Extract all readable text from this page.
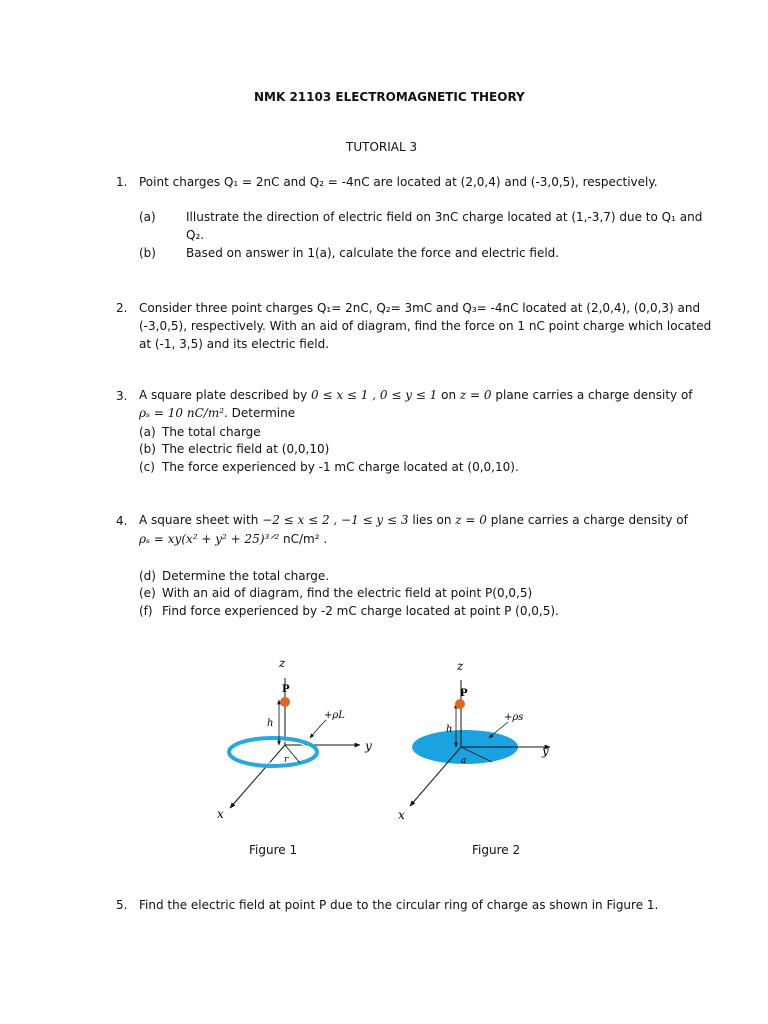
NMK 21103 ELECTROMAGNETIC THEORY
TUTORIAL 3
1. Point charges Q₁ = 2nC and Q₂ = -4nC are located at (2,0,4) and (-3,0,5), respectively.
(a)	Illustrate the direction of electric field on 3nC charge located at (1,-3,7) due to Q₁ and
Q₂.
(b)	Based on answer in 1(a), calculate the force and electric field.
2. Consider three point charges Q₁= 2nC, Q₂= 3mC and Q₃= -4nC located at (2,0,4), (0,0,3) and
(-3,0,5), respectively. With an aid of diagram, find the force on 1 nC point charge which located
at (-1, 3,5) and its electric field.
3. A square plate described by 0 ≤ x ≤ 1 , 0 ≤ y ≤ 1 on z = 0 plane carries a charge density of
ρₛ = 10 nC/m². Determine
(a) The total charge
(b) The electric field at (0,0,10)
(c) The force experienced by -1 mC charge located at (0,0,10).
4. A square sheet with −2 ≤ x ≤ 2 , −1 ≤ y ≤ 3 lies on z = 0 plane carries a charge density of
ρₛ = xy(x² + y² + 25)³ᐟ² nC/m² .
(d) Determine the total charge.
(e) With an aid of diagram, find the electric field at point P(0,0,5)
(f) Find force experienced by -2 mC charge located at point P (0,0,5).
z
y
x
P
h
r
+ρL
z
y
x
P
h
a
+ρs
Figure 1	Figure 2
5. Find the electric field at point P due to the circular ring of charge as shown in Figure 1.
